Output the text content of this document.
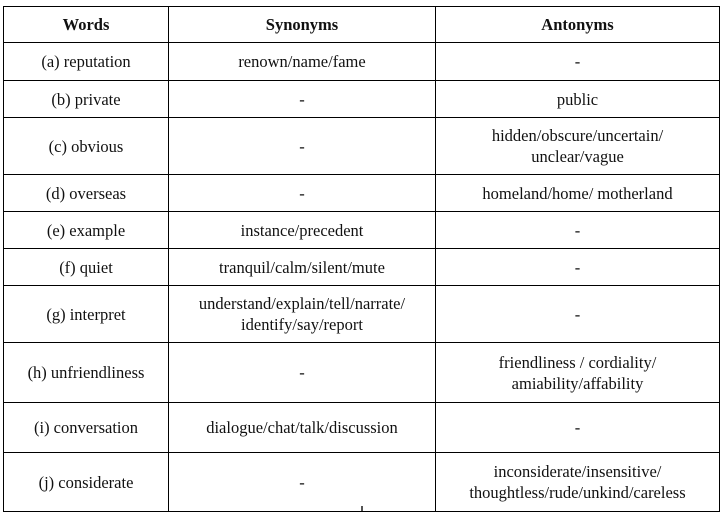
Words	Synonyms	Antonyms
(a) reputation	renown/name/fame	-

(b) private	-	public

(c) obvious	-	hidden/obscure/uncertain/
unclear/vague

(d) overseas	-	homeland/home/ motherland

(e) example	instance/precedent	-

(f) quiet	tranquil/calm/silent/mute	-

(g) interpret	understand/explain/tell/narrate/
identify/say/report	-

(h) unfriendliness	-	friendliness / cordiality/
amiability/affability

(i) conversation	dialogue/chat/talk/discussion	-

(j) considerate	-	inconsiderate/insensitive/
thoughtless/rude/unkind/careless
